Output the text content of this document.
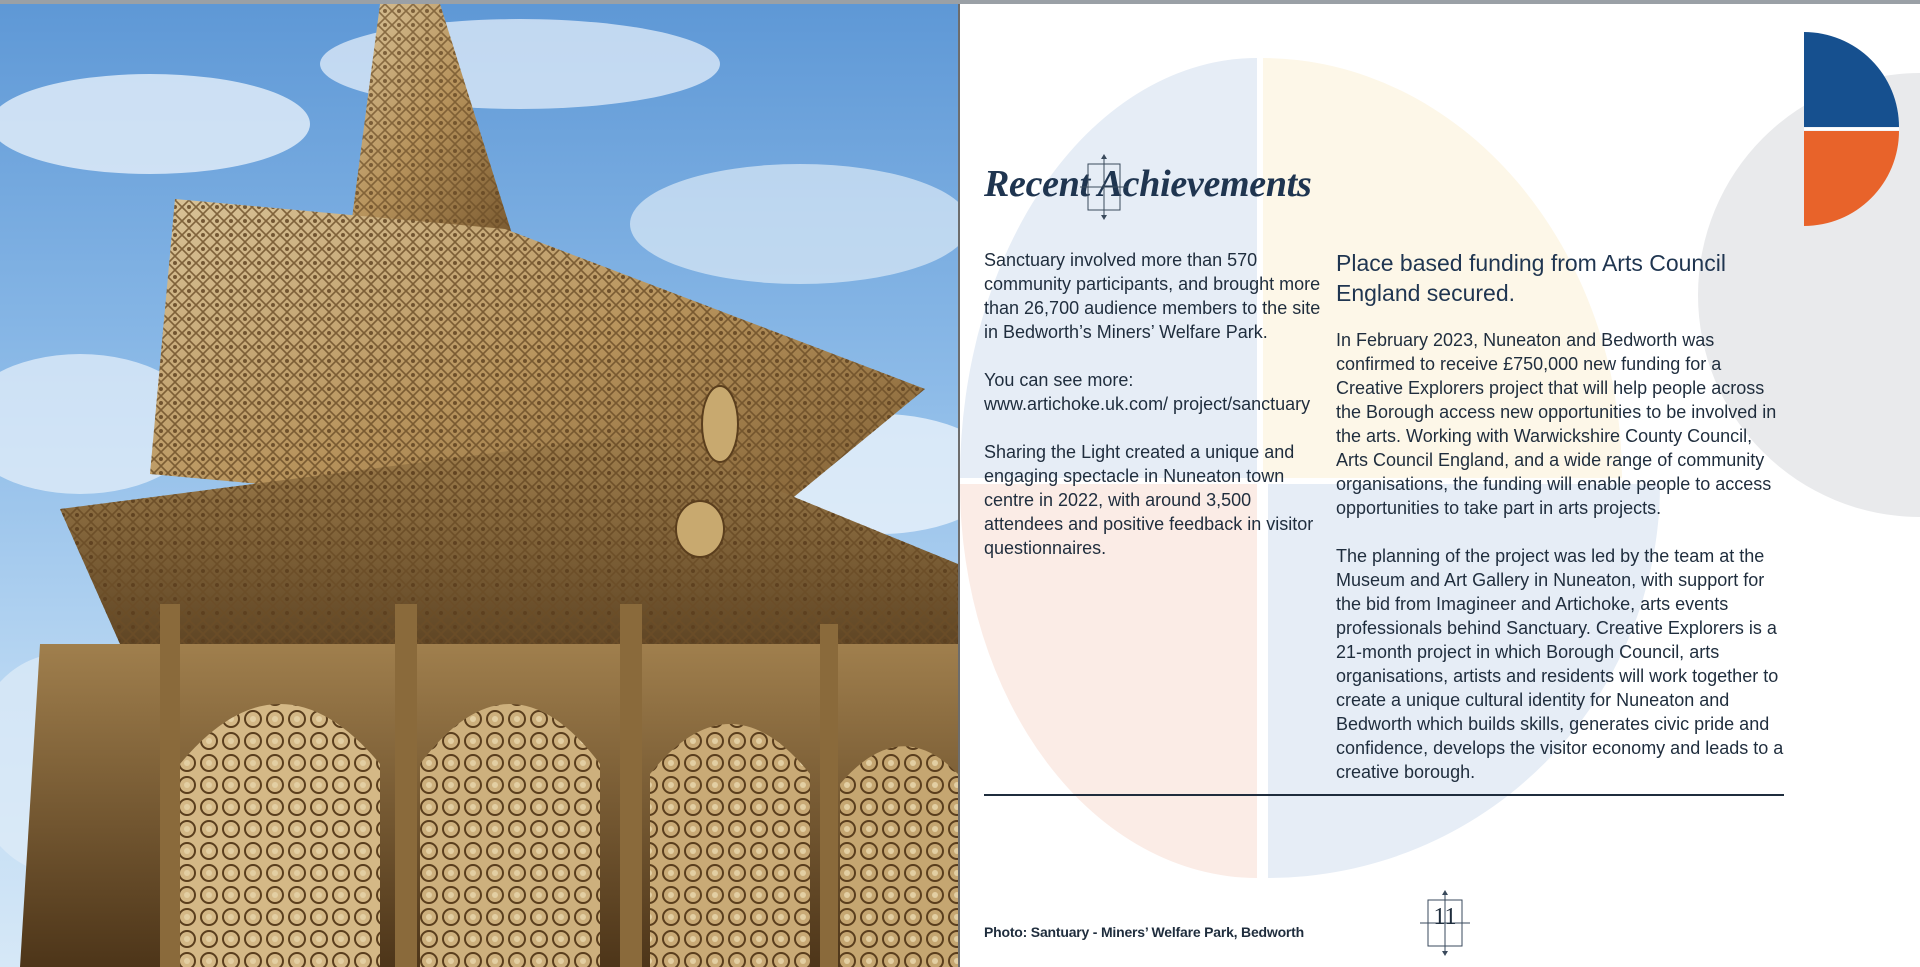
Recent Achievements

Sanctuary involved more than 570 community participants, and brought more than 26,700 audience members to the site in Bedworth’s Miners’ Welfare Park.

You can see more: www.artichoke.uk.com/ project/sanctuary

Sharing the Light created a unique and engaging spectacle in Nuneaton town centre in 2022, with around 3,500 attendees and positive feedback in visitor questionnaires.

Place based funding from Arts Council England secured.

In February 2023, Nuneaton and Bedworth was confirmed to receive £750,000 new funding for a Creative Explorers project that will help people across the Borough access new opportunities to be involved in the arts. Working with Warwickshire County Council, Arts Council England, and a wide range of community organisations, the funding will enable people to access opportunities to take part in arts projects.

The planning of the project was led by the team at the Museum and Art Gallery in Nuneaton, with support for the bid from Imagineer and Artichoke, arts events professionals behind Sanctuary. Creative Explorers is a 21-month project in which Borough Council, arts organisations, artists and residents will work together to create a unique cultural identity for Nuneaton and Bedworth which builds skills, generates civic pride and confidence, develops the visitor economy and leads to a creative borough.

Photo: Santuary - Miners’ Welfare Park, Bedworth
11
